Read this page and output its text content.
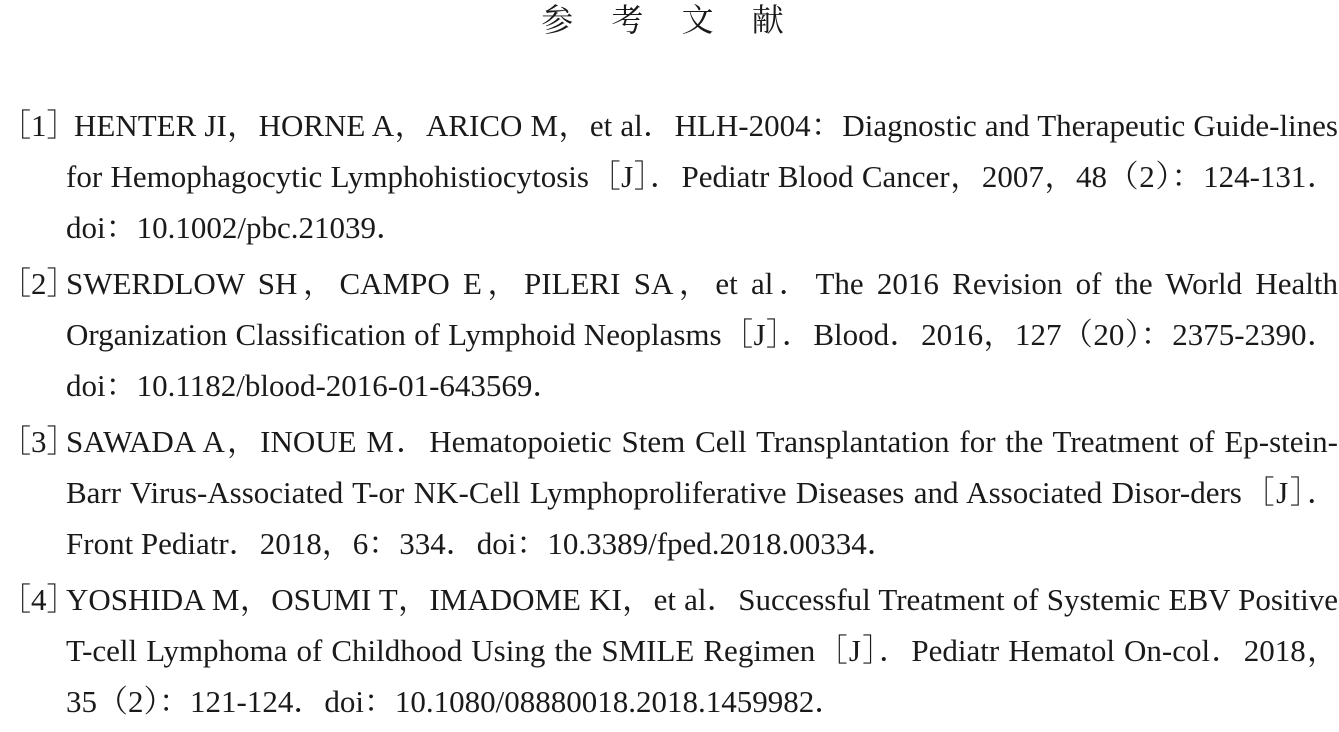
参 考 文 献
［1］
HENTER JI，HORNE A，ARICO M，et al．HLH-2004：Diagnostic and Therapeutic Guide-lines for Hemophagocytic Lymphohistiocytosis［J］．Pediatr Blood Cancer，2007，48（2）：124-131．doi：10.1002/pbc.21039．
［2］
SWERDLOW SH，CAMPO E，PILERI SA，et al．The 2016 Revision of the World Health Organization Classification of Lymphoid Neoplasms［J］．Blood．2016，127（20）：2375-2390．doi：10.1182/blood-2016-01-643569．
［3］
SAWADA A，INOUE M．Hematopoietic Stem Cell Transplantation for the Treatment of Ep-stein-Barr Virus-Associated T-or NK-Cell Lymphoproliferative Diseases and Associated Disor-ders［J］．Front Pediatr．2018，6：334．doi：10.3389/fped.2018.00334．
［4］
YOSHIDA M，OSUMI T，IMADOME KI，et al．Successful Treatment of Systemic EBV Positive T-cell Lymphoma of Childhood Using the SMILE Regimen［J］．Pediatr Hematol On-col．2018，35（2）：121-124．doi：10.1080/08880018.2018.1459982．
